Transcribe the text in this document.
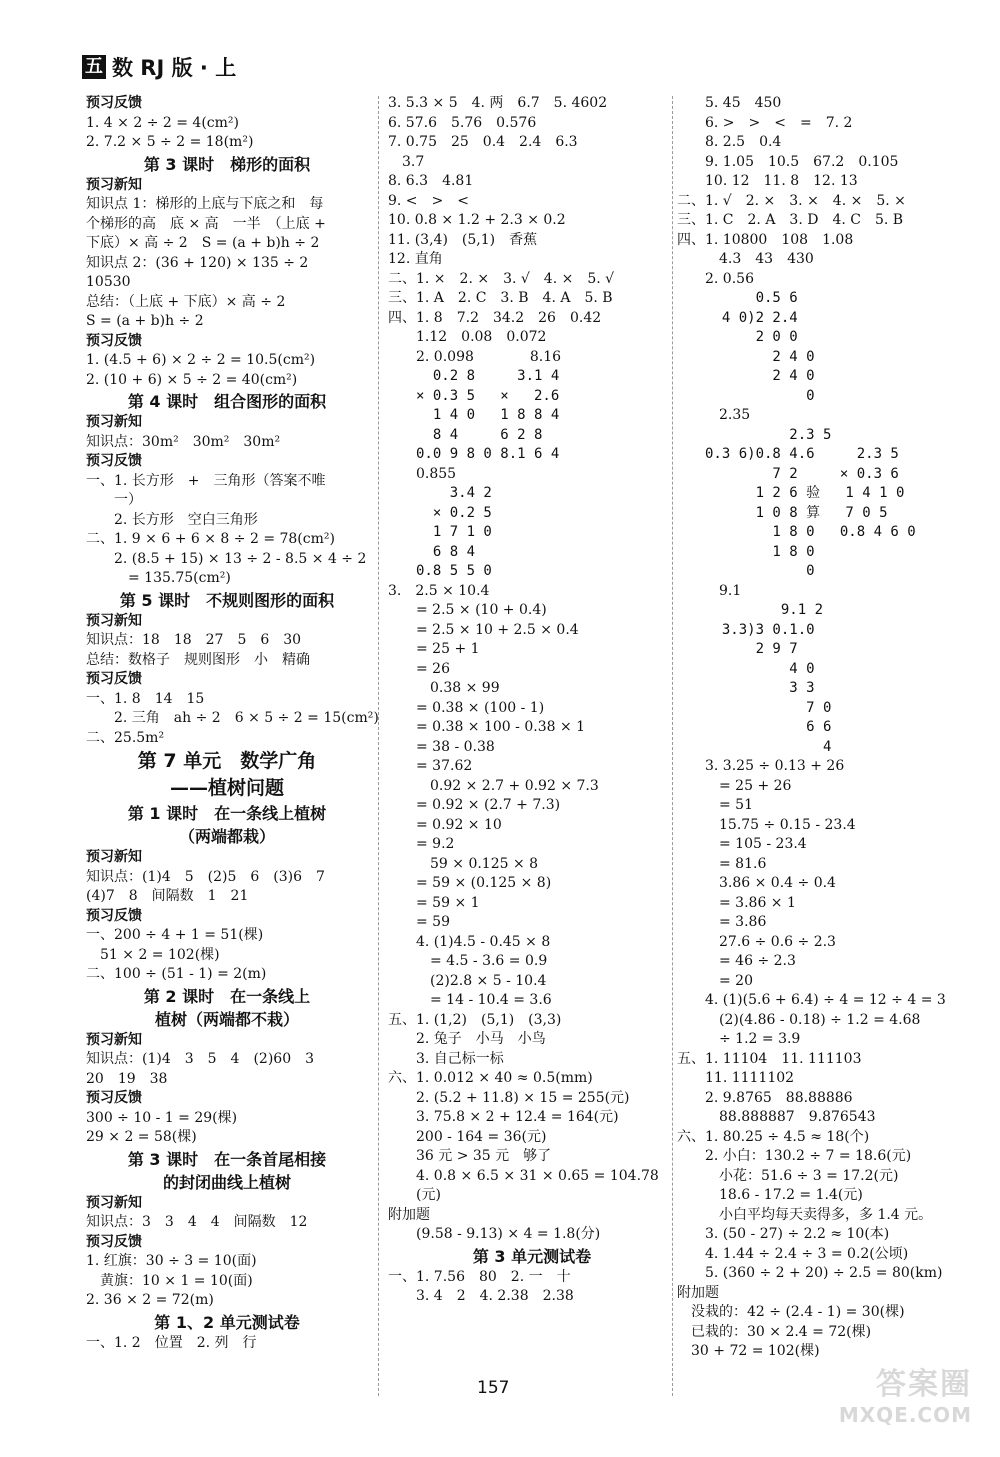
五 数 RJ 版 · 上
预习反馈
1. 4 × 2 ÷ 2 = 4(cm²)
2. 7.2 × 5 ÷ 2 = 18(m²)
第 3 课时　梯形的面积
预习新知
知识点 1：梯形的上底与下底之和　每
个梯形的高　底 × 高　一半　（上底 +
下底）× 高 ÷ 2　S = (a + b)h ÷ 2
知识点 2：(36 + 120) × 135 ÷ 2
10530
总结：（上底 + 下底）× 高 ÷ 2
S = (a + b)h ÷ 2
预习反馈
1. (4.5 + 6) × 2 ÷ 2 = 10.5(cm²)
2. (10 + 6) × 5 ÷ 2 = 40(cm²)
第 4 课时　组合图形的面积
预习新知
知识点：30m²　30m²　30m²
预习反馈
一、1. 长方形　+　三角形（答案不唯
一）
2. 长方形　空白三角形
二、1. 9 × 6 + 6 × 8 ÷ 2 = 78(cm²)
2. (8.5 + 15) × 13 ÷ 2 - 8.5 × 4 ÷ 2
= 135.75(cm²)
第 5 课时　不规则图形的面积
预习新知
知识点：18　18　27　5　6　30
总结：数格子　规则图形　小　精确
预习反馈
一、1. 8　14　15
2. 三角　ah ÷ 2　6 × 5 ÷ 2 = 15(cm²)
二、25.5m²
第 7 单元　数学广角
——植树问题
第 1 课时　在一条线上植树
（两端都栽）
预习新知
知识点：(1)4　5　(2)5　6　(3)6　7
(4)7　8　间隔数　1　21
预习反馈
一、200 ÷ 4 + 1 = 51(棵)
51 × 2 = 102(棵)
二、100 ÷ (51 - 1) = 2(m)
第 2 课时　在一条线上
植树（两端都不栽）
预习新知
知识点：(1)4　3　5　4　(2)60　3
20　19　38
预习反馈
300 ÷ 10 - 1 = 29(棵)
29 × 2 = 58(棵)
第 3 课时　在一条首尾相接
的封闭曲线上植树
预习新知
知识点：3　3　4　4　间隔数　12
预习反馈
1. 红旗：30 ÷ 3 = 10(面)
黄旗：10 × 1 = 10(面)
2. 36 × 2 = 72(m)
第 1、2 单元测试卷
一、1. 2　位置　2. 列　行
3. 5.3 × 5　4. 两　6.7　5. 4602
6. 57.6　5.76　0.576
7. 0.75　25　0.4　2.4　6.3
3.7
8. 6.3　4.81
9. <　>　<
10. 0.8 × 1.2 + 2.3 × 0.2
11. (3,4)　(5,1)　香蕉
12. 直角
二、1. ×　2. ×　3. √　4. ×　5. √
三、1. A　2. C　3. B　4. A　5. B
四、1. 8　7.2　34.2　26　0.42
1.12　0.08　0.072
2. 0.098　　　　8.16
0.2 8     3.1 4
× 0.3 5   ×   2.6
1 4 0   1 8 8 4
8 4     6 2 8
0.0 9 8 0 8.1 6 4
0.855
3.4 2
× 0.2 5
1 7 1 0
6 8 4
0.8 5 5 0
3.　2.5 × 10.4
= 2.5 × (10 + 0.4)
= 2.5 × 10 + 2.5 × 0.4
= 25 + 1
= 26
0.38 × 99
= 0.38 × (100 - 1)
= 0.38 × 100 - 0.38 × 1
= 38 - 0.38
= 37.62
0.92 × 2.7 + 0.92 × 7.3
= 0.92 × (2.7 + 7.3)
= 0.92 × 10
= 9.2
59 × 0.125 × 8
= 59 × (0.125 × 8)
= 59 × 1
= 59
4. (1)4.5 - 0.45 × 8
= 4.5 - 3.6 = 0.9
(2)2.8 × 5 - 10.4
= 14 - 10.4 = 3.6
五、1. (1,2)　(5,1)　(3,3)
2. 兔子　小马　小鸟
3. 自己标一标
六、1. 0.012 × 40 ≈ 0.5(mm)
2. (5.2 + 11.8) × 15 = 255(元)
3. 75.8 × 2 + 12.4 = 164(元)
200 - 164 = 36(元)
36 元 > 35 元　够了
4. 0.8 × 6.5 × 31 × 0.65 = 104.78
(元)
附加题
(9.58 - 9.13) × 4 = 1.8(分)
第 3 单元测试卷
一、1. 7.56　80　2. 一　十
3. 4　2　4. 2.38　2.38
5. 45　450
6. >　>　<　=　7. 2
8. 2.5　0.4
9. 1.05　10.5　67.2　0.105
10. 12　11. 8　12. 13
二、1. √　2. ×　3. ×　4. ×　5. ×
三、1. C　2. A　3. D　4. C　5. B
四、1. 10800　108　1.08
4.3　43　430
2. 0.56
0.5 6
4 0)2 2.4
2 0 0
2 4 0
2 4 0
0
2.35
2.3 5
0.3 6)0.8 4.6     2.3 5
7 2     × 0.3 6
1 2 6 验   1 4 1 0
1 0 8 算   7 0 5
1 8 0   0.8 4 6 0
1 8 0
0
9.1
9.1 2
3.3)3 0.1.0
2 9 7
4 0
3 3
7 0
6 6
4
3. 3.25 ÷ 0.13 + 26
= 25 + 26
= 51
15.75 ÷ 0.15 - 23.4
= 105 - 23.4
= 81.6
3.86 × 0.4 ÷ 0.4
= 3.86 × 1
= 3.86
27.6 ÷ 0.6 ÷ 2.3
= 46 ÷ 2.3
= 20
4. (1)(5.6 + 6.4) ÷ 4 = 12 ÷ 4 = 3
(2)(4.86 - 0.18) ÷ 1.2 = 4.68
÷ 1.2 = 3.9
五、1. 11104　11. 111103
11. 1111102
2. 9.8765　88.88886
88.888887　9.876543
六、1. 80.25 ÷ 4.5 ≈ 18(个)
2. 小白：130.2 ÷ 7 = 18.6(元)
小花：51.6 ÷ 3 = 17.2(元)
18.6 - 17.2 = 1.4(元)
小白平均每天卖得多，多 1.4 元。
3. (50 - 27) ÷ 2.2 ≈ 10(本)
4. 1.44 ÷ 2.4 ÷ 3 = 0.2(公顷)
5. (360 ÷ 2 + 20) ÷ 2.5 = 80(km)
附加题
没栽的：42 ÷ (2.4 - 1) = 30(棵)
已栽的：30 × 2.4 = 72(棵)
30 + 72 = 102(棵)
157	答案圈
MXQE.COM
